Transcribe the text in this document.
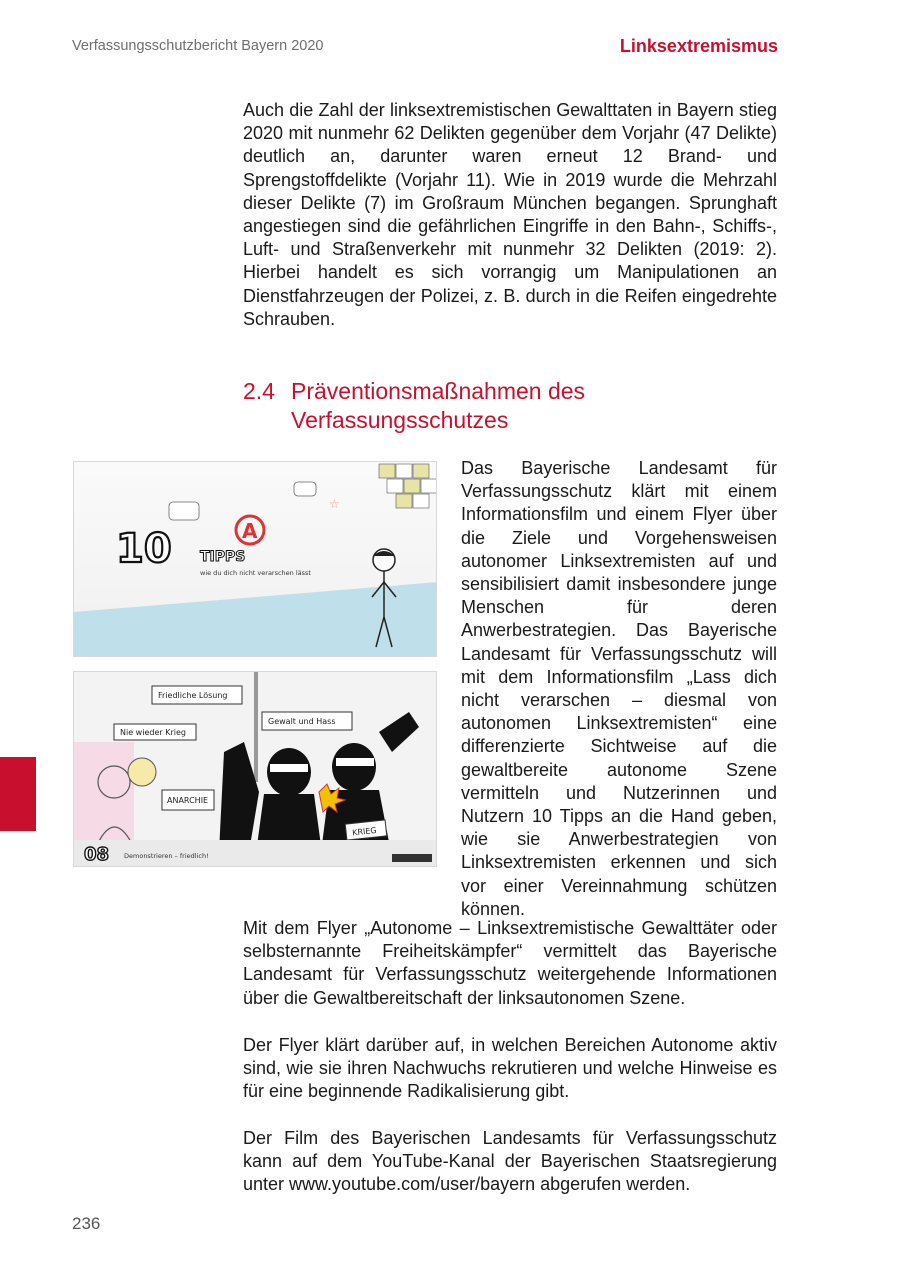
Verfassungsschutzbericht Bayern 2020	Linksextremismus

Auch die Zahl der linksextremistischen Gewalttaten in Bayern stieg 2020 mit nunmehr 62 Delikten gegenüber dem Vorjahr (47 Delikte) deutlich an, darunter waren erneut 12 Brand- und Sprengstoffdelikte (Vorjahr 11). Wie in 2019 wurde die Mehrzahl dieser Delikte (7) im Großraum München begangen. Sprunghaft angestiegen sind die gefährlichen Eingriffe in den Bahn-, Schiffs-, Luft- und Straßenverkehr mit nunmehr 32 Delikten (2019: 2). Hierbei handelt es sich vorrangig um Manipulationen an Dienstfahrzeugen der Polizei, z. B. durch in die Reifen eingedrehte Schrauben.

2.4 Präventionsmaßnahmen des Verfassungsschutzes
A
☆
10 TIPPS
wie du dich nicht verarschen lässt
Friedliche Lösung
Nie wieder Krieg
Gewalt und Hass
ANARCHIE
KRIEG
08 Demonstrieren – friedlich!

Das Bayerische Landesamt für Verfassungsschutz klärt mit einem Informationsfilm und einem Flyer über die Ziele und Vorgehensweisen autonomer Linksextremisten auf und sensibilisiert damit insbesondere junge Menschen für deren Anwerbestrategien. Das Bayerische Landesamt für Verfassungsschutz will mit dem Informationsfilm „Lass dich nicht verarschen – diesmal von autonomen Linksextremisten“ eine differenzierte Sichtweise auf die gewaltbereite autonome Szene vermitteln und Nutzerinnen und Nutzern 10 Tipps an die Hand geben, wie sie Anwerbestrategien von Linksextremisten erkennen und sich vor einer Vereinnahmung schützen können.

Mit dem Flyer „Autonome – Linksextremistische Gewalttäter oder selbsternannte Freiheitskämpfer“ vermittelt das Bayerische Landesamt für Verfassungsschutz weitergehende Informationen über die Gewaltbereitschaft der linksautonomen Szene.

Der Flyer klärt darüber auf, in welchen Bereichen Autonome aktiv sind, wie sie ihren Nachwuchs rekrutieren und welche Hinweise es für eine beginnende Radikalisierung gibt.

Der Film des Bayerischen Landesamts für Verfassungsschutz kann auf dem YouTube-Kanal der Bayerischen Staatsregierung unter www.youtube.com/user/bayern abgerufen werden.

236
